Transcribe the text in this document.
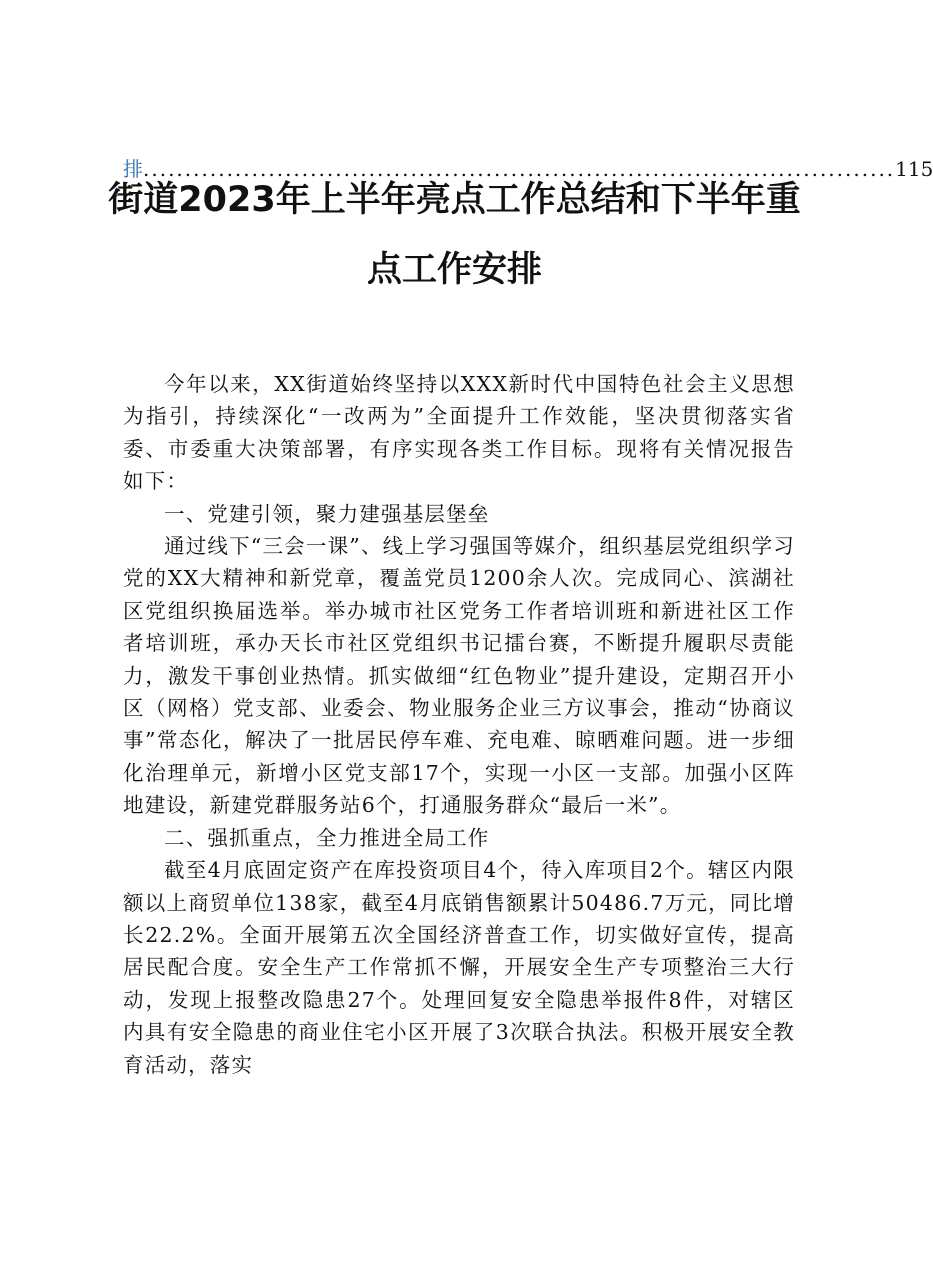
排 .......................................................................................... 115
街道2023年上半年亮点工作总结和下半年重
点工作安排

今年以来，XX街道始终坚持以XXX新时代中国特色社会主义思想为指引，持续深化“一改两为”全面提升工作效能，坚决贯彻落实省委、市委重大决策部署，有序实现各类工作目标。现将有关情况报告如下：

一、党建引领，聚力建强基层堡垒

通过线下“三会一课”、线上学习强国等媒介，组织基层党组织学习党的XX大精神和新党章，覆盖党员1200余人次。完成同心、滨湖社区党组织换届选举。举办城市社区党务工作者培训班和新进社区工作者培训班，承办天长市社区党组织书记擂台赛，不断提升履职尽责能力，激发干事创业热情。抓实做细“红色物业”提升建设，定期召开小区（网格）党支部、业委会、物业服务企业三方议事会，推动“协商议事”常态化，解决了一批居民停车难、充电难、晾晒难问题。进一步细化治理单元，新增小区党支部17个，实现一小区一支部。加强小区阵地建设，新建党群服务站6个，打通服务群众“最后一米”。

二、强抓重点，全力推进全局工作

截至4月底固定资产在库投资项目4个，待入库项目2个。辖区内限额以上商贸单位138家，截至4月底销售额累计50486.7万元，同比增长22.2%。全面开展第五次全国经济普查工作，切实做好宣传，提高居民配合度。安全生产工作常抓不懈，开展安全生产专项整治三大行动，发现上报整改隐患27个。处理回复安全隐患举报件8件，对辖区内具有安全隐患的商业住宅小区开展了3次联合执法。积极开展安全教育活动，落实
